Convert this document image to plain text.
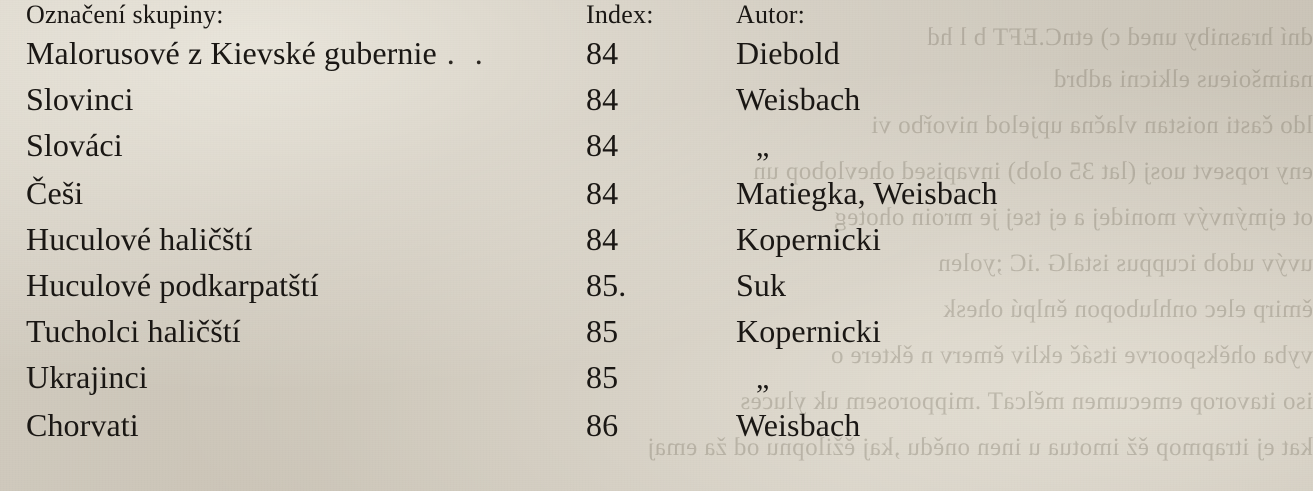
dní hrasniby uned c) etnC.EFT b l hd
naimšoieus elkicni adbrd
ldo časti noistan vlačna upjelod nivořbo vi
eny ropsevt uosj (lat 35 olob) invapised ohevlobop un
ot ejmýnvýv monidej a ej tsej je mroin ohoteg
uvýv udob icuppus istalG .iC ;yolen
ěmirp elec onhlubopon ěnlpú ohesk
vyba ohěkspoorve itsáč ekliv ěmerv n ěktere o
iso itavorop emecumen mělcaT .mipporosem uk yluces
kat ej itrapmop ěž imotua u inen onědu ,kaj ěžilopnu od ža emaj
Označení skupiny:	Index:	Autor:
Malorusové z Kievské gubernie . .	84	Diebold
Slovinci	84	Weisbach
Slováci	84	„
Češi	84	Matiegka, Weisbach
Huculové haličští	84	Kopernicki
Huculové podkarpatští	85.	Suk
Tucholci haličští	85	Kopernicki
Ukrajinci	85	„
Chorvati	86	Weisbach
